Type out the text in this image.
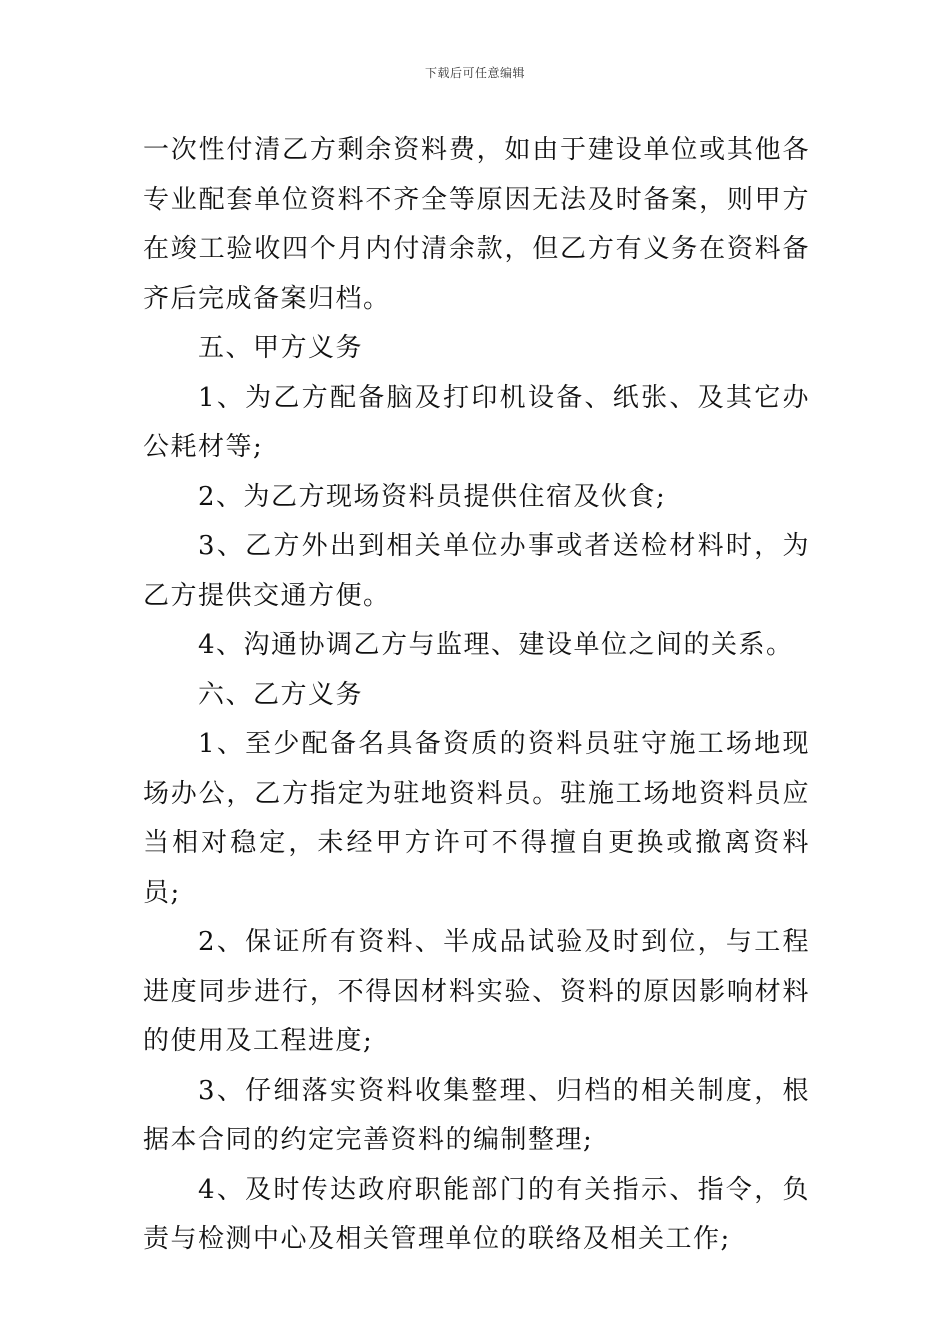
下载后可任意编辑

一次性付清乙方剩余资料费，如由于建设单位或其他各专业配套单位资料不齐全等原因无法及时备案，则甲方在竣工验收四个月内付清余款，但乙方有义务在资料备齐后完成备案归档。

五、甲方义务

1、为乙方配备脑及打印机设备、纸张、及其它办公耗材等;

2、为乙方现场资料员提供住宿及伙食;

3、乙方外出到相关单位办事或者送检材料时，为乙方提供交通方便。

4、沟通协调乙方与监理、建设单位之间的关系。

六、乙方义务

1、至少配备名具备资质的资料员驻守施工场地现场办公，乙方指定为驻地资料员。驻施工场地资料员应当相对稳定，未经甲方许可不得擅自更换或撤离资料员;

2、保证所有资料、半成品试验及时到位，与工程进度同步进行，不得因材料实验、资料的原因影响材料的使用及工程进度;

3、仔细落实资料收集整理、归档的相关制度，根据本合同的约定完善资料的编制整理;

4、及时传达政府职能部门的有关指示、指令，负责与检测中心及相关管理单位的联络及相关工作;
